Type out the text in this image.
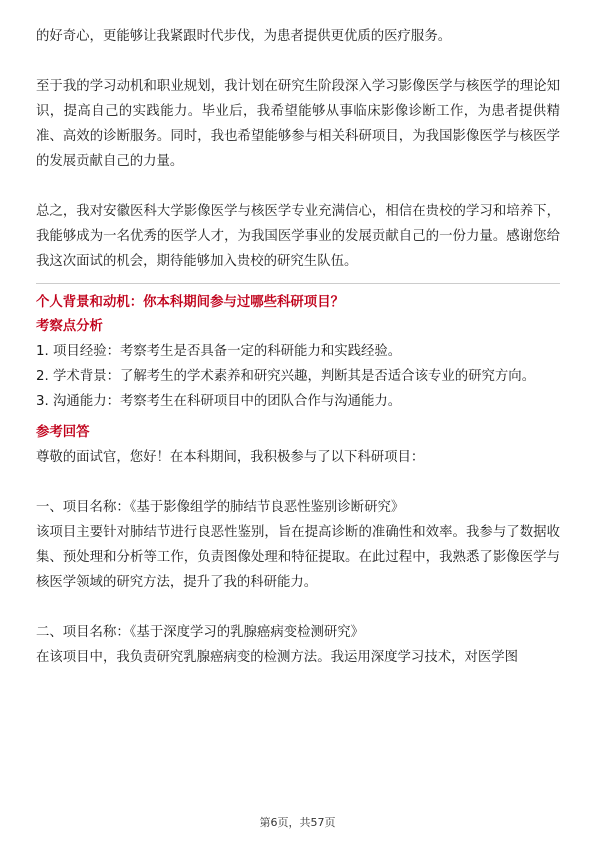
的好奇心，更能够让我紧跟时代步伐，为患者提供更优质的医疗服务。

至于我的学习动机和职业规划，我计划在研究生阶段深入学习影像医学与核医学的理论知识，提高自己的实践能力。毕业后，我希望能够从事临床影像诊断工作，为患者提供精准、高效的诊断服务。同时，我也希望能够参与相关科研项目，为我国影像医学与核医学的发展贡献自己的力量。

总之，我对安徽医科大学影像医学与核医学专业充满信心，相信在贵校的学习和培养下，我能够成为一名优秀的医学人才，为我国医学事业的发展贡献自己的一份力量。感谢您给我这次面试的机会，期待能够加入贵校的研究生队伍。

个人背景和动机：你本科期间参与过哪些科研项目？
考察点分析

1. 项目经验：考察考生是否具备一定的科研能力和实践经验。

2. 学术背景：了解考生的学术素养和研究兴趣，判断其是否适合该专业的研究方向。

3. 沟通能力：考察考生在科研项目中的团队合作与沟通能力。

参考回答

尊敬的面试官，您好！在本科期间，我积极参与了以下科研项目：

一、项目名称：《基于影像组学的肺结节良恶性鉴别诊断研究》

该项目主要针对肺结节进行良恶性鉴别，旨在提高诊断的准确性和效率。我参与了数据收集、预处理和分析等工作，负责图像处理和特征提取。在此过程中，我熟悉了影像医学与核医学领域的研究方法，提升了我的科研能力。

二、项目名称：《基于深度学习的乳腺癌病变检测研究》

在该项目中，我负责研究乳腺癌病变的检测方法。我运用深度学习技术，对医学图

第6页，共57页
